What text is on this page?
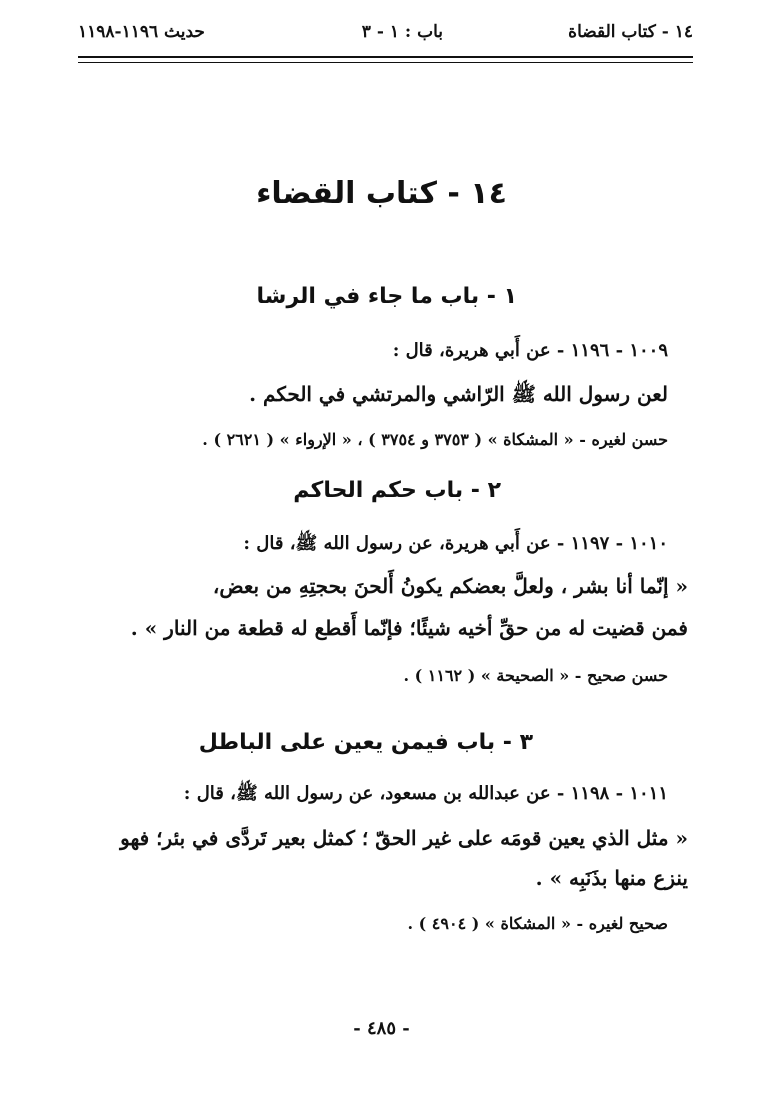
١٤ - كتاب القضاة
باب : ١ - ٣
حديث ١١٩٦-١١٩٨
١٤ - كتاب القضاء
١ - باب ما جاء في الرشا
١٠٠٩ - ١١٩٦ - عن أَبي هريرة، قال :
لعن رسول الله ﷺ الرّاشي والمرتشي في الحكم .
حسن لغيره - « المشكاة » ( ٣٧٥٣ و ٣٧٥٤ ) ، « الإرواء » ( ٢٦٢١ ) .
٢ - باب حكم الحاكم
١٠١٠ - ١١٩٧ - عن أَبي هريرة، عن رسول الله ﷺ، قال :
« إنّما أنا بشر ، ولعلَّ بعضكم يكونُ أَلحنَ بحجتِهِ من بعض،
فمن قضيت له من حقِّ أخيه شيئًا؛ فإنّما أَقطع له قطعة من النار » .
حسن صحيح - « الصحيحة » ( ١١٦٢ ) .
٣ - باب فيمن يعين على الباطل
١٠١١ - ١١٩٨ - عن عبدالله بن مسعود، عن رسول الله ﷺ، قال :
« مثل الذي يعين قومَه على غير الحقّ ؛ كمثل بعير تَردَّى في بئر؛ فهو
ينزع منها بذَنَبِه » .
صحيح لغيره - « المشكاة » ( ٤٩٠٤ ) .
- ٤٨٥ -
